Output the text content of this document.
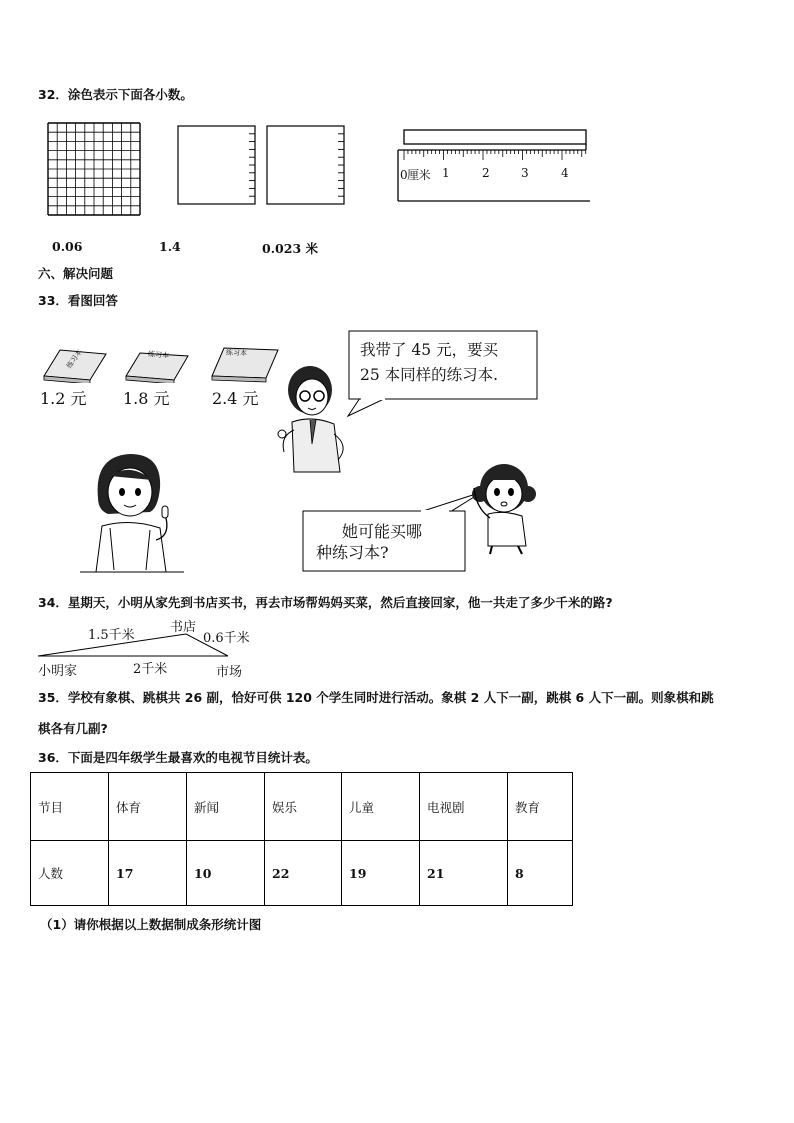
32．涂色表示下面各小数。
0厘米 1	2	3	4
0.06	1.4	0.023 米
六、解决问题
33．看图回答
练习本	练习本	练习本
1.2 元 1.8 元	2.4 元
我带了 45 元，要买
25 本同样的练习本.
她可能买哪
种练习本?
34．星期天，小明从家先到书店买书，再去市场帮妈妈买菜，然后直接回家，他一共走了多少千米的路?
1.5千米
书店
0.6千米
小明家	2千米	市场
35．学校有象棋、跳棋共 26 副，恰好可供 120 个学生同时进行活动。象棋 2 人下一副，跳棋 6 人下一副。则象棋和跳
棋各有几副?
36．下面是四年级学生最喜欢的电视节目统计表。
节目	体育	新闻	娱乐	儿童	电视剧	教育
人数	17	10	22	19	21	8
（1）请你根据以上数据制成条形统计图
